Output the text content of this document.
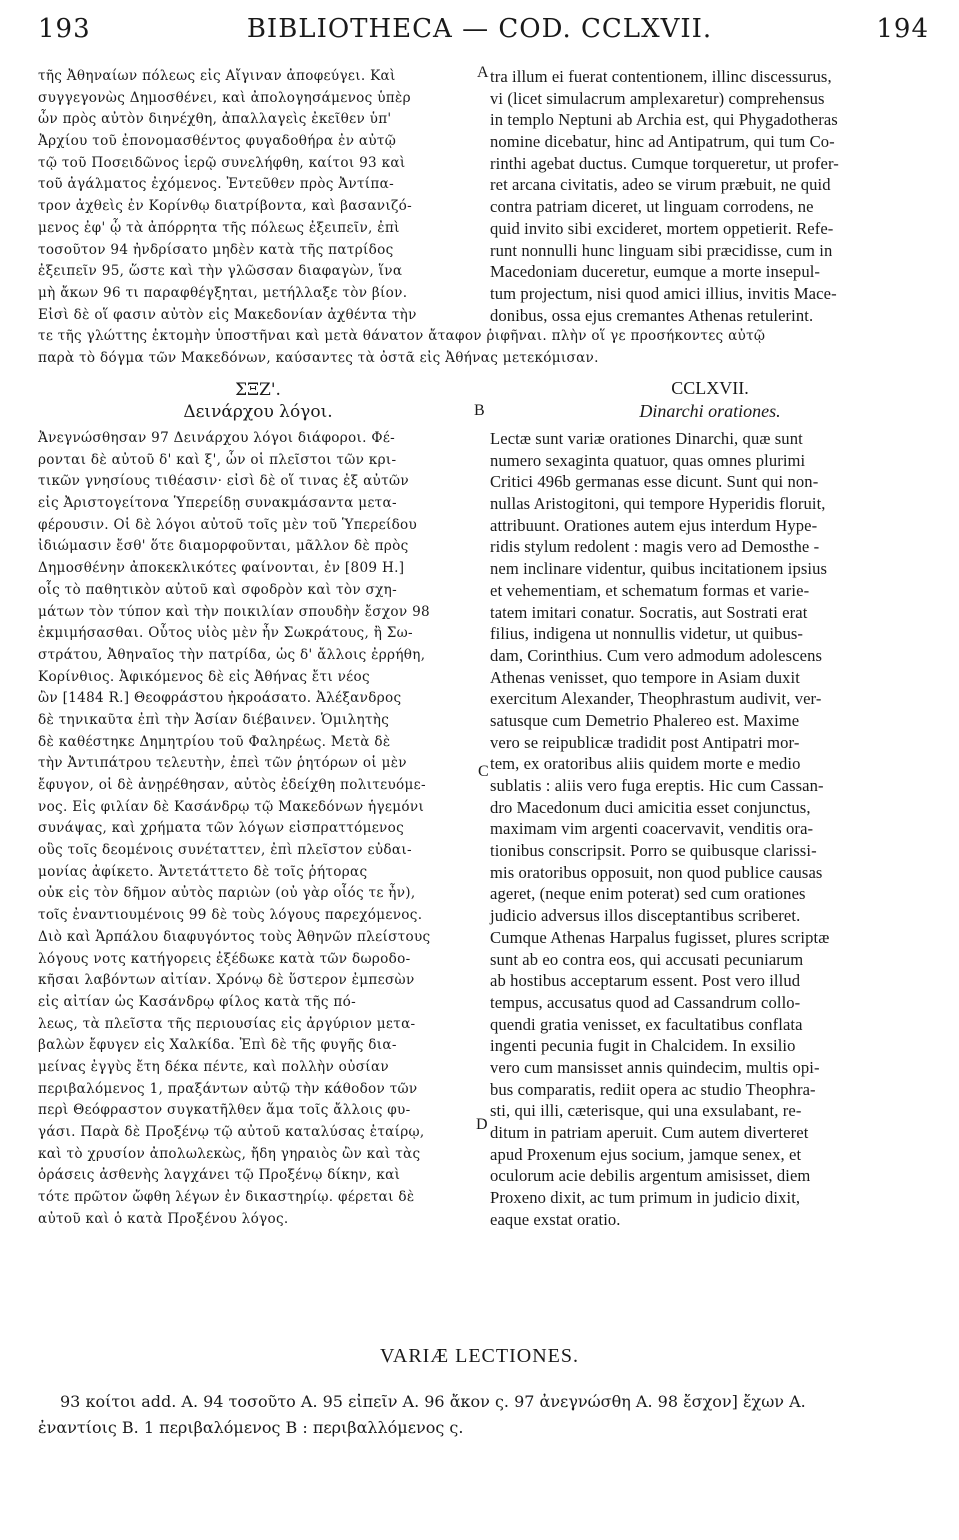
193	BIBLIOTHECA — COD. CCLXVII.	194
τῆς Ἀθηναίων πόλεως εἰς Αἴγιναν ἀποφεύγει. Καὶ
συγγεγονὼς Δημοσθένει, καὶ ἀπολογησάμενος ὑπὲρ
ὧν πρὸς αὐτὸν διηνέχθη, ἀπαλλαγεὶς ἐκεῖθεν ὑπ'
Ἀρχίου τοῦ ἐπονομασθέντος φυγαδοθήρα ἐν αὐτῷ
τῷ τοῦ Ποσειδῶνος ἱερῷ συνελήφθη, καίτοι 93 καὶ
τοῦ ἀγάλματος ἐχόμενος. Ἐντεῦθεν πρὸς Ἀντίπα-
τρον ἀχθεὶς ἐν Κορίνθῳ διατρίβοντα, καὶ βασανιζό-
μενος ἐφ' ᾧ τὰ ἀπόρρητα τῆς πόλεως ἐξειπεῖν, ἐπὶ
τοσοῦτον 94 ἠνδρίσατο μηδὲν κατὰ τῆς πατρίδος
ἐξειπεῖν 95, ὥστε καὶ τὴν γλῶσσαν διαφαγὼν, ἵνα
μὴ ἄκων 96 τι παραφθέγξηται, μετήλλαξε τὸν βίον.
Εἰσὶ δὲ οἵ φασιν αὐτὸν εἰς Μακεδονίαν ἀχθέντα τὴν
tra illum ei fuerat contentionem, illinc discessurus,
vi (licet simulacrum amplexaretur) comprehensus
in templo Neptuni ab Archia est, qui Phygadotheras
nomine dicebatur, hinc ad Antipatrum, qui tum Co-
rinthi agebat ductus. Cumque torqueretur, ut profer-
ret arcana civitatis, adeo se virum præbuit, ne quid
contra patriam diceret, ut linguam corrodens, ne
quid invito sibi excideret, mortem oppetierit. Refe-
runt nonnulli hunc linguam sibi præcidisse, cum in
Macedoniam duceretur, eumque a morte insepul-
tum projectum, nisi quod amici illius, invitis Mace-
donibus, ossa ejus cremantes Athenas retulerint.
τε τῆς γλώττης ἐκτομὴν ὑποστῆναι καὶ μετὰ θάνατον ἄταφον ῥιφῆναι. πλὴν οἵ γε προσήκοντες αὐτῷ
παρὰ τὸ δόγμα τῶν Μακεδόνων, καύσαντες τὰ ὀστᾶ εἰς Ἀθήνας μετεκόμισαν.
A
B
C
D
ΣΞΖ'.
Δεινάρχου λόγοι.
CCLXVII.
Dinarchi orationes.
Ἀνεγνώσθησαν 97 Δεινάρχου λόγοι διάφοροι. Φέ-
ρονται δὲ αὐτοῦ δ' καὶ ξ', ὧν οἱ πλεῖστοι τῶν κρι-
τικῶν γνησίους τιθέασιν· εἰσὶ δὲ οἵ τινας ἐξ αὐτῶν
εἰς Ἀριστογείτονα Ὑπερείδῃ συνακμάσαντα μετα-
φέρουσιν. Οἱ δὲ λόγοι αὐτοῦ τοῖς μὲν τοῦ Ὑπερείδου
ἰδιώμασιν ἔσθ' ὅτε διαμορφοῦνται, μᾶλλον δὲ πρὸς
Δημοσθένην ἀποκεκλικότες φαίνονται, ἐν [809 H.]
οἷς τὸ παθητικὸν αὐτοῦ καὶ σφοδρὸν καὶ τὸν σχη-
μάτων τὸν τύπον καὶ τὴν ποικιλίαν σπουδὴν ἔσχον 98
ἐκμιμήσασθαι. Οὗτος υἱὸς μὲν ἦν Σωκράτους, ἢ Σω-
στράτου, Ἀθηναῖος τὴν πατρίδα, ὡς δ' ἄλλοις ἐρρήθη,
Κορίνθιος. Ἀφικόμενος δὲ εἰς Ἀθήνας ἔτι νέος
ὢν [1484 R.] Θεοφράστου ἠκροάσατο. Ἀλέξανδρος
δὲ τηνικαῦτα ἐπὶ τὴν Ἀσίαν διέβαινεν. Ὁμιλητὴς
δὲ καθέστηκε Δημητρίου τοῦ Φαληρέως. Μετὰ δὲ
τὴν Ἀντιπάτρου τελευτὴν, ἐπεὶ τῶν ῥητόρων οἱ μὲν
ἔφυγον, οἱ δὲ ἀνῃρέθησαν, αὐτὸς ἐδείχθη πολιτευόμε-
νος. Εἰς φιλίαν δὲ Κασάνδρῳ τῷ Μακεδόνων ἡγεμόνι
συνάψας, καὶ χρήματα τῶν λόγων εἰσπραττόμενος
οὓς τοῖς δεομένοις συνέταττεν, ἐπὶ πλεῖστον εὐδαι-
μονίας ἀφίκετο. Ἀντετάττετο δὲ τοῖς ῥήτορας
οὐκ εἰς τὸν δῆμον αὐτὸς παριὼν (οὐ γὰρ οἷός τε ἦν),
τοῖς ἐναντιουμένοις 99 δὲ τοὺς λόγους παρεχόμενος.
Διὸ καὶ Ἁρπάλου διαφυγόντος τοὺς Ἀθηνῶν πλείστους
λόγους νοτς κατήγορεις ἐξέδωκε κατὰ τῶν δωροδο-
κῆσαι λαβόντων αἰτίαν. Χρόνῳ δὲ ὕστερον ἐμπεσὼν
εἰς αἰτίαν ὡς Κασάνδρῳ φίλος κατὰ τῆς πό-
λεως, τὰ πλεῖστα τῆς περιουσίας εἰς ἀργύριον μετα-
βαλὼν ἔφυγεν εἰς Χαλκίδα. Ἐπὶ δὲ τῆς φυγῆς δια-
μείνας ἐγγὺς ἔτη δέκα πέντε, καὶ πολλὴν οὐσίαν
περιβαλόμενος 1, πραξάντων αὐτῷ τὴν κάθοδον τῶν
περὶ Θεόφραστον συγκατῆλθεν ἅμα τοῖς ἄλλοις φυ-
γάσι. Παρὰ δὲ Προξένῳ τῷ αὐτοῦ καταλύσας ἑταίρῳ,
καὶ τὸ χρυσίον ἀπολωλεκὼς, ἤδη γηραιὸς ὢν καὶ τὰς
ὁράσεις ἀσθενὴς λαγχάνει τῷ Προξένῳ δίκην, καὶ
τότε πρῶτον ὤφθη λέγων ἐν δικαστηρίῳ. φέρεται δὲ
αὐτοῦ καὶ ὁ κατὰ Προξένου λόγος.
Lectæ sunt variæ orationes Dinarchi, quæ sunt
numero sexaginta quatuor, quas omnes plurimi
Critici 496b germanas esse dicunt. Sunt qui non-
nullas Aristogitoni, qui tempore Hyperidis floruit,
attribuunt. Orationes autem ejus interdum Hype-
ridis stylum redolent : magis vero ad Demosthe -
nem inclinare videntur, quibus incitationem ipsius
et vehementiam, et schematum formas et varie-
tatem imitari conatur. Socratis, aut Sostrati erat
filius, indigena ut nonnullis videtur, ut quibus-
dam, Corinthius. Cum vero admodum adolescens
Athenas venisset, quo tempore in Asiam duxit
exercitum Alexander, Theophrastum audivit, ver-
satusque cum Demetrio Phalereo est. Maxime
vero se reipublicæ tradidit post Antipatri mor-
tem, ex oratoribus aliis quidem morte e medio
sublatis : aliis vero fuga ereptis. Hic cum Cassan-
dro Macedonum duci amicitia esset conjunctus,
maximam vim argenti coacervavit, venditis ora-
tionibus conscripsit. Porro se quibusque clarissi-
mis oratoribus opposuit, non quod publice causas
ageret, (neque enim poterat) sed cum orationes
judicio adversus illos disceptantibus scriberet.
Cumque Athenas Harpalus fugisset, plures scriptæ
sunt ab eo contra eos, qui accusati pecuniarum
ab hostibus acceptarum essent. Post vero illud
tempus, accusatus quod ad Cassandrum collo-
quendi gratia venisset, ex facultatibus conflata
ingenti pecunia fugit in Chalcidem. In exsilio
vero cum mansisset annis quindecim, multis opi-
bus comparatis, rediit opera ac studio Theophra-
sti, qui illi, cæterisque, qui una exsulabant, re-
ditum in patriam aperuit. Cum autem diverteret
apud Proxenum ejus socium, jamque senex, et
oculorum acie debilis argentum amisisset, diem
Proxeno dixit, ac tum primum in judicio dixit,
eaque exstat oratio.
VARIÆ LECTIONES.
93 κοίτοι add. A. 94 τοσοῦτο A. 95 εἰπεῖν A. 96 ἄκον ς. 97 ἀνεγνώσθη A. 98 ἔσχον] ἔχων A.
ἐναντίοις B. 1 περιβαλόμενος B : περιβαλλόμενος ς.
